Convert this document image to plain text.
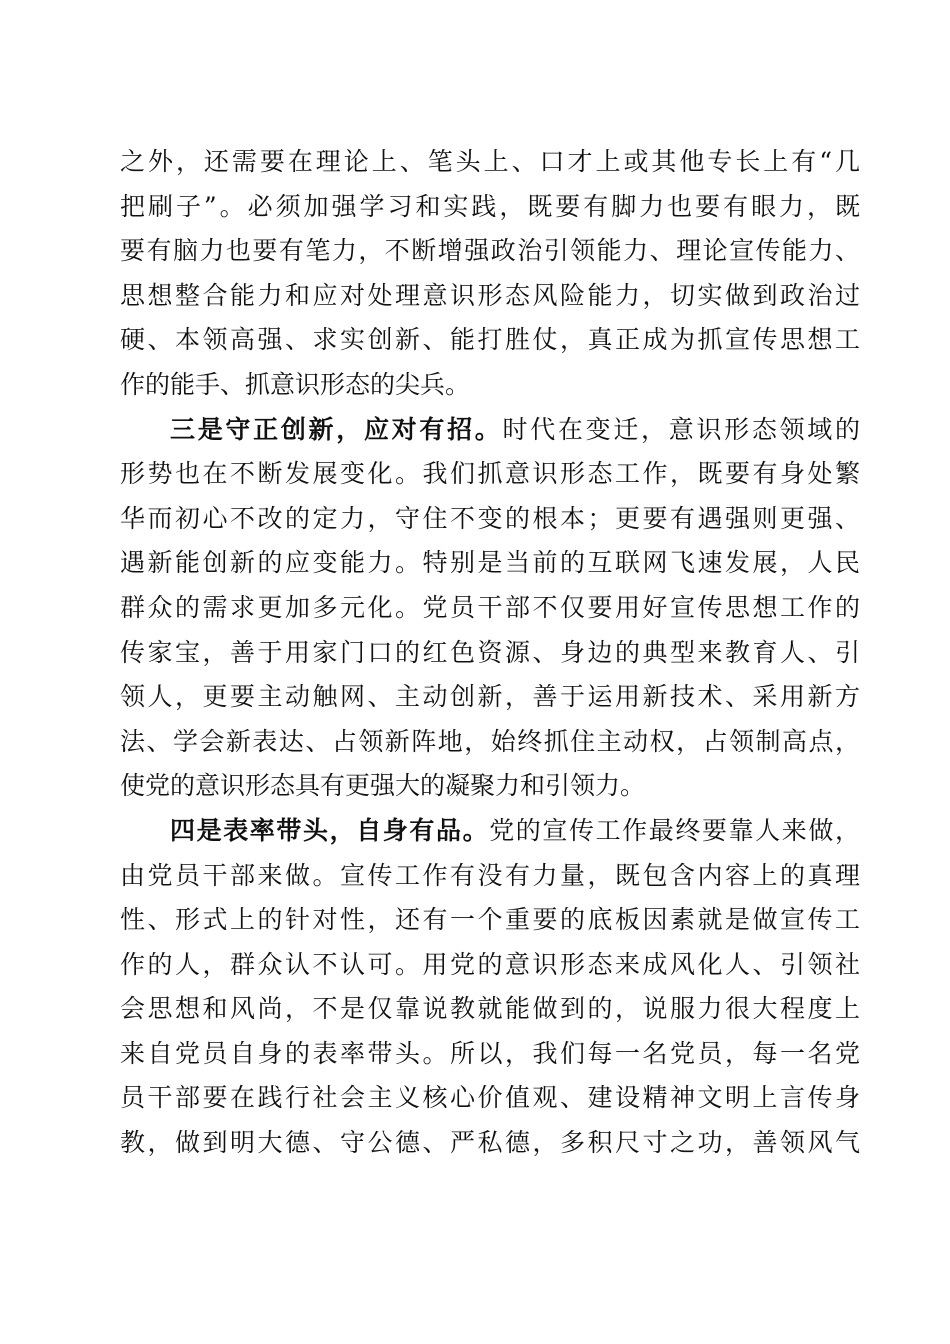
之外，还需要在理论上、笔头上、口才上或其他专长上有“几
把刷子”。必须加强学习和实践，既要有脚力也要有眼力，既
要有脑力也要有笔力，不断增强政治引领能力、理论宣传能力、
思想整合能力和应对处理意识形态风险能力，切实做到政治过
硬、本领高强、求实创新、能打胜仗，真正成为抓宣传思想工
作的能手、抓意识形态的尖兵。
三是守正创新，应对有招。时代在变迁，意识形态领域的
形势也在不断发展变化。我们抓意识形态工作，既要有身处繁
华而初心不改的定力，守住不变的根本；更要有遇强则更强、
遇新能创新的应变能力。特别是当前的互联网飞速发展，人民
群众的需求更加多元化。党员干部不仅要用好宣传思想工作的
传家宝，善于用家门口的红色资源、身边的典型来教育人、引
领人，更要主动触网、主动创新，善于运用新技术、采用新方
法、学会新表达、占领新阵地，始终抓住主动权，占领制高点，
使党的意识形态具有更强大的凝聚力和引领力。
四是表率带头，自身有品。党的宣传工作最终要靠人来做，
由党员干部来做。宣传工作有没有力量，既包含内容上的真理
性、形式上的针对性，还有一个重要的底板因素就是做宣传工
作的人，群众认不认可。用党的意识形态来成风化人、引领社
会思想和风尚，不是仅靠说教就能做到的，说服力很大程度上
来自党员自身的表率带头。所以，我们每一名党员，每一名党
员干部要在践行社会主义核心价值观、建设精神文明上言传身
教，做到明大德、守公德、严私德，多积尺寸之功，善领风气
